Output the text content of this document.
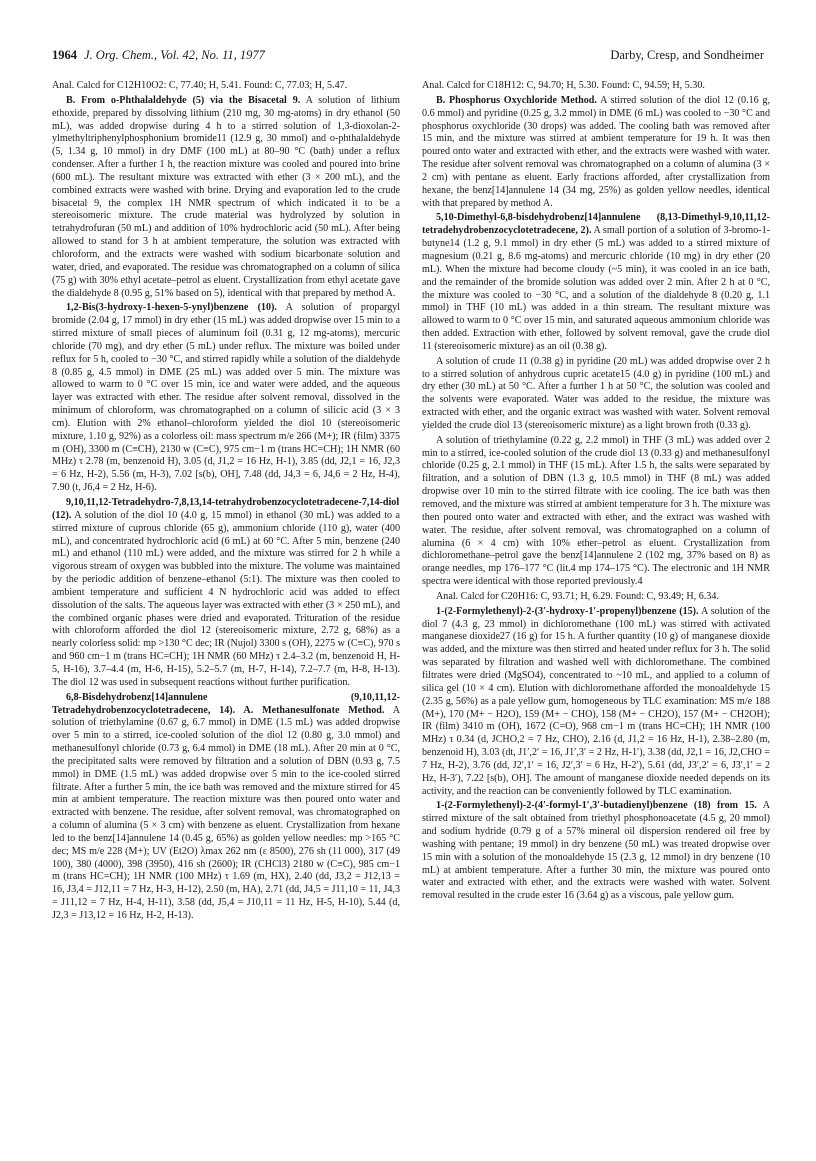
1964 J. Org. Chem., Vol. 42, No. 11, 1977	Darby, Cresp, and Sondheimer

Anal. Calcd for C12H10O2: C, 77.40; H, 5.41. Found: C, 77.03; H, 5.47.

B. From o-Phthalaldehyde (5) via the Bisacetal 9. A solution of lithium ethoxide, prepared by dissolving lithium (210 mg, 30 mg-atoms) in dry ethanol (50 mL), was added dropwise during 4 h to a stirred solution of 1,3-dioxolan-2-ylmethyltriphenylphosphonium bromide11 (12.9 g, 30 mmol) and o-phthalaldehyde (5, 1.34 g, 10 mmol) in dry DMF (100 mL) at 80–90 °C (bath) under a reflux condenser. After a further 1 h, the reaction mixture was cooled and poured into brine (600 mL). The resultant mixture was extracted with ether (3 × 200 mL), and the combined extracts were washed with brine. Drying and evaporation led to the crude bisacetal 9, the complex 1H NMR spectrum of which indicated it to be a stereoisomeric mixture. The crude material was hydrolyzed by solution in tetrahydrofuran (50 mL) and addition of 10% hydrochloric acid (50 mL). After being allowed to stand for 3 h at ambient temperature, the solution was extracted with chloroform, and the extracts were washed with sodium bicarbonate solution and water, dried, and evaporated. The residue was chromatographed on a column of silica (75 g) with 30% ethyl acetate–petrol as eluent. Crystallization from ethyl acetate gave the dialdehyde 8 (0.95 g, 51% based on 5), identical with that prepared by method A.

1,2-Bis(3-hydroxy-1-hexen-5-ynyl)benzene (10). A solution of propargyl bromide (2.04 g, 17 mmol) in dry ether (15 mL) was added dropwise over 15 min to a stirred mixture of small pieces of aluminum foil (0.31 g, 12 mg-atoms), mercuric chloride (70 mg), and dry ether (5 mL) under reflux. The mixture was boiled under reflux for 5 h, cooled to −30 °C, and stirred rapidly while a solution of the dialdehyde 8 (0.85 g, 4.5 mmol) in DME (25 mL) was added over 5 min. The mixture was allowed to warm to 0 °C over 15 min, ice and water were added, and the aqueous layer was extracted with ether. The residue after solvent removal, dissolved in the minimum of chloroform, was chromatographed on a column of silicic acid (3 × 3 cm). Elution with 2% ethanol–chloroform yielded the diol 10 (stereoisomeric mixture, 1.10 g, 92%) as a colorless oil: mass spectrum m/e 266 (M+); IR (film) 3375 m (OH), 3300 m (C≡CH), 2130 w (C≡C), 975 cm−1 m (trans HC=CH); 1H NMR (60 MHz) τ 2.78 (m, benzenoid H), 3.05 (d, J1,2 = 16 Hz, H-1), 3.85 (dd, J2,1 = 16, J2,3 = 6 Hz, H-2), 5.56 (m, H-3), 7.02 [s(b), OH], 7.48 (dd, J4,3 = 6, J4,6 = 2 Hz, H-4), 7.90 (t, J6,4 = 2 Hz, H-6).

9,10,11,12-Tetradehydro-7,8,13,14-tetrahydrobenzocyclotetradecene-7,14-diol (12). A solution of the diol 10 (4.0 g, 15 mmol) in ethanol (30 mL) was added to a stirred mixture of cuprous chloride (65 g), ammonium chloride (110 g), water (400 mL), and concentrated hydrochloric acid (6 mL) at 60 °C. After 5 min, benzene (240 mL) and ethanol (110 mL) were added, and the mixture was stirred for 2 h while a vigorous stream of oxygen was bubbled into the mixture. The volume was maintained by the periodic addition of benzene–ethanol (5:1). The mixture was then cooled to ambient temperature and sufficient 4 N hydrochloric acid was added to effect dissolution of the salts. The aqueous layer was extracted with ether (3 × 250 mL), and the combined organic phases were dried and evaporated. Trituration of the residue with chloroform afforded the diol 12 (stereoisomeric mixture, 2.72 g, 68%) as a nearly colorless solid: mp >130 °C dec; IR (Nujol) 3300 s (OH), 2275 w (C≡C), 970 s and 960 cm−1 m (trans HC=CH); 1H NMR (60 MHz) τ 2.4–3.2 (m, benzenoid H, H-5, H-16), 3.7–4.4 (m, H-6, H-15), 5.2–5.7 (m, H-7, H-14), 7.2–7.7 (m, H-8, H-13). The diol 12 was used in subsequent reactions without further purification.

6,8-Bisdehydrobenz[14]annulene (9,10,11,12-Tetradehydrobenzocyclotetradecene, 14). A. Methanesulfonate Method. A solution of triethylamine (0.67 g, 6.7 mmol) in DME (1.5 mL) was added dropwise over 5 min to a stirred, ice-cooled solution of the diol 12 (0.80 g, 3.0 mmol) and methanesulfonyl chloride (0.73 g, 6.4 mmol) in DME (18 mL). After 20 min at 0 °C, the precipitated salts were removed by filtration and a solution of DBN (0.93 g, 7.5 mmol) in DME (1.5 mL) was added dropwise over 5 min to the ice-cooled stirred filtrate. After a further 5 min, the ice bath was removed and the mixture stirred for 45 min at ambient temperature. The reaction mixture was then poured onto water and extracted with benzene. The residue, after solvent removal, was chromatographed on a column of alumina (5 × 3 cm) with benzene as eluent. Crystallization from hexane led to the benz[14]annulene 14 (0.45 g, 65%) as golden yellow needles: mp >165 °C dec; MS m/e 228 (M+); UV (Et2O) λmax 262 nm (ε 8500), 276 sh (11 000), 317 (49 100), 380 (4000), 398 (3950), 416 sh (2600); IR (CHCl3) 2180 w (C≡C), 985 cm−1 m (trans HC=CH); 1H NMR (100 MHz) τ 1.69 (m, HX), 2.40 (dd, J3,2 = J12,13 = 16, J3,4 = J12,11 = 7 Hz, H-3, H-12), 2.50 (m, HA), 2.71 (dd, J4,5 = J11,10 = 11, J4,3 = J11,12 = 7 Hz, H-4, H-11), 3.58 (dd, J5,4 = J10,11 = 11 Hz, H-5, H-10), 5.44 (d, J2,3 = J13,12 = 16 Hz, H-2, H-13).

Anal. Calcd for C18H12: C, 94.70; H, 5.30. Found: C, 94.59; H, 5.30.

B. Phosphorus Oxychloride Method. A stirred solution of the diol 12 (0.16 g, 0.6 mmol) and pyridine (0.25 g, 3.2 mmol) in DME (6 mL) was cooled to −30 °C and phosphorus oxychloride (30 drops) was added. The cooling bath was removed after 15 min, and the mixture was stirred at ambient temperature for 19 h. It was then poured onto water and extracted with ether, and the extracts were washed with water. The residue after solvent removal was chromatographed on a column of alumina (3 × 2 cm) with pentane as eluent. Early fractions afforded, after crystallization from hexane, the benz[14]annulene 14 (34 mg, 25%) as golden yellow needles, identical with that prepared by method A.

5,10-Dimethyl-6,8-bisdehydrobenz[14]annulene (8,13-Dimethyl-9,10,11,12-tetradehydrobenzocyclotetradecene, 2). A small portion of a solution of 3-bromo-1-butyne14 (1.2 g, 9.1 mmol) in dry ether (5 mL) was added to a stirred mixture of magnesium (0.21 g, 8.6 mg-atoms) and mercuric chloride (10 mg) in dry ether (20 mL). When the mixture had become cloudy (~5 min), it was cooled in an ice bath, and the remainder of the bromide solution was added over 2 min. After 2 h at 0 °C, the mixture was cooled to −30 °C, and a solution of the dialdehyde 8 (0.20 g, 1.1 mmol) in THF (10 mL) was added in a thin stream. The resultant mixture was allowed to warm to 0 °C over 15 min, and saturated aqueous ammonium chloride was then added. Extraction with ether, followed by solvent removal, gave the crude diol 11 (stereoisomeric mixture) as an oil (0.38 g).

A solution of crude 11 (0.38 g) in pyridine (20 mL) was added dropwise over 2 h to a stirred solution of anhydrous cupric acetate15 (4.0 g) in pyridine (100 mL) and dry ether (30 mL) at 50 °C. After a further 1 h at 50 °C, the solution was cooled and the solvents were evaporated. Water was added to the residue, the mixture was extracted with ether, and the organic extract was washed with water. Solvent removal yielded the crude diol 13 (stereoisomeric mixture) as a light brown froth (0.33 g).

A solution of triethylamine (0.22 g, 2.2 mmol) in THF (3 mL) was added over 2 min to a stirred, ice-cooled solution of the crude diol 13 (0.33 g) and methanesulfonyl chloride (0.25 g, 2.1 mmol) in THF (15 mL). After 1.5 h, the salts were separated by filtration, and a solution of DBN (1.3 g, 10.5 mmol) in THF (8 mL) was added dropwise over 10 min to the stirred filtrate with ice cooling. The ice bath was then removed, and the mixture was stirred at ambient temperature for 3 h. The mixture was then poured onto water and extracted with ether, and the extract was washed with water. The residue, after solvent removal, was chromatographed on a column of alumina (6 × 4 cm) with 10% ether–petrol as eluent. Crystallization from dichloromethane–petrol gave the benz[14]annulene 2 (102 mg, 37% based on 8) as orange needles, mp 176–177 °C (lit.4 mp 174–175 °C). The electronic and 1H NMR spectra were identical with those reported previously.4

Anal. Calcd for C20H16: C, 93.71; H, 6.29. Found: C, 93.49; H, 6.34.

1-(2-Formylethenyl)-2-(3′-hydroxy-1′-propenyl)benzene (15). A solution of the diol 7 (4.3 g, 23 mmol) in dichloromethane (100 mL) was stirred with activated manganese dioxide27 (16 g) for 15 h. A further quantity (10 g) of manganese dioxide was added, and the mixture was then stirred and heated under reflux for 3 h. The solid was separated by filtration and washed well with dichloromethane. The combined filtrates were dried (MgSO4), concentrated to ~10 mL, and applied to a column of silica gel (10 × 4 cm). Elution with dichloromethane afforded the monoaldehyde 15 (2.35 g, 56%) as a pale yellow gum, homogeneous by TLC examination: MS m/e 188 (M+), 170 (M+ − H2O), 159 (M+ − CHO), 158 (M+ − CH2O), 157 (M+ − CH2OH); IR (film) 3410 m (OH), 1672 (C=O), 968 cm−1 m (trans HC=CH); 1H NMR (100 MHz) τ 0.34 (d, JCHO,2 = 7 Hz, CHO), 2.16 (d, J1,2 = 16 Hz, H-1), 2.38–2.80 (m, benzenoid H), 3.03 (dt, J1′,2′ = 16, J1′,3′ = 2 Hz, H-1′), 3.38 (dd, J2,1 = 16, J2,CHO = 7 Hz, H-2), 3.76 (dd, J2′,1′ = 16, J2′,3′ = 6 Hz, H-2′), 5.61 (dd, J3′,2′ = 6, J3′,1′ = 2 Hz, H-3′), 7.22 [s(b), OH]. The amount of manganese dioxide needed depends on its activity, and the reaction can be conveniently followed by TLC examination.

1-(2-Formylethenyl)-2-(4′-formyl-1′,3′-butadienyl)benzene (18) from 15. A stirred mixture of the salt obtained from triethyl phosphonoacetate (4.5 g, 20 mmol) and sodium hydride (0.79 g of a 57% mineral oil dispersion rendered oil free by washing with pentane; 19 mmol) in dry benzene (50 mL) was treated dropwise over 15 min with a solution of the monoaldehyde 15 (2.3 g, 12 mmol) in dry benzene (10 mL) at ambient temperature. After a further 30 min, the mixture was poured onto water and extracted with ether, and the extracts were washed with water. Solvent removal resulted in the crude ester 16 (3.64 g) as a viscous, pale yellow gum.
